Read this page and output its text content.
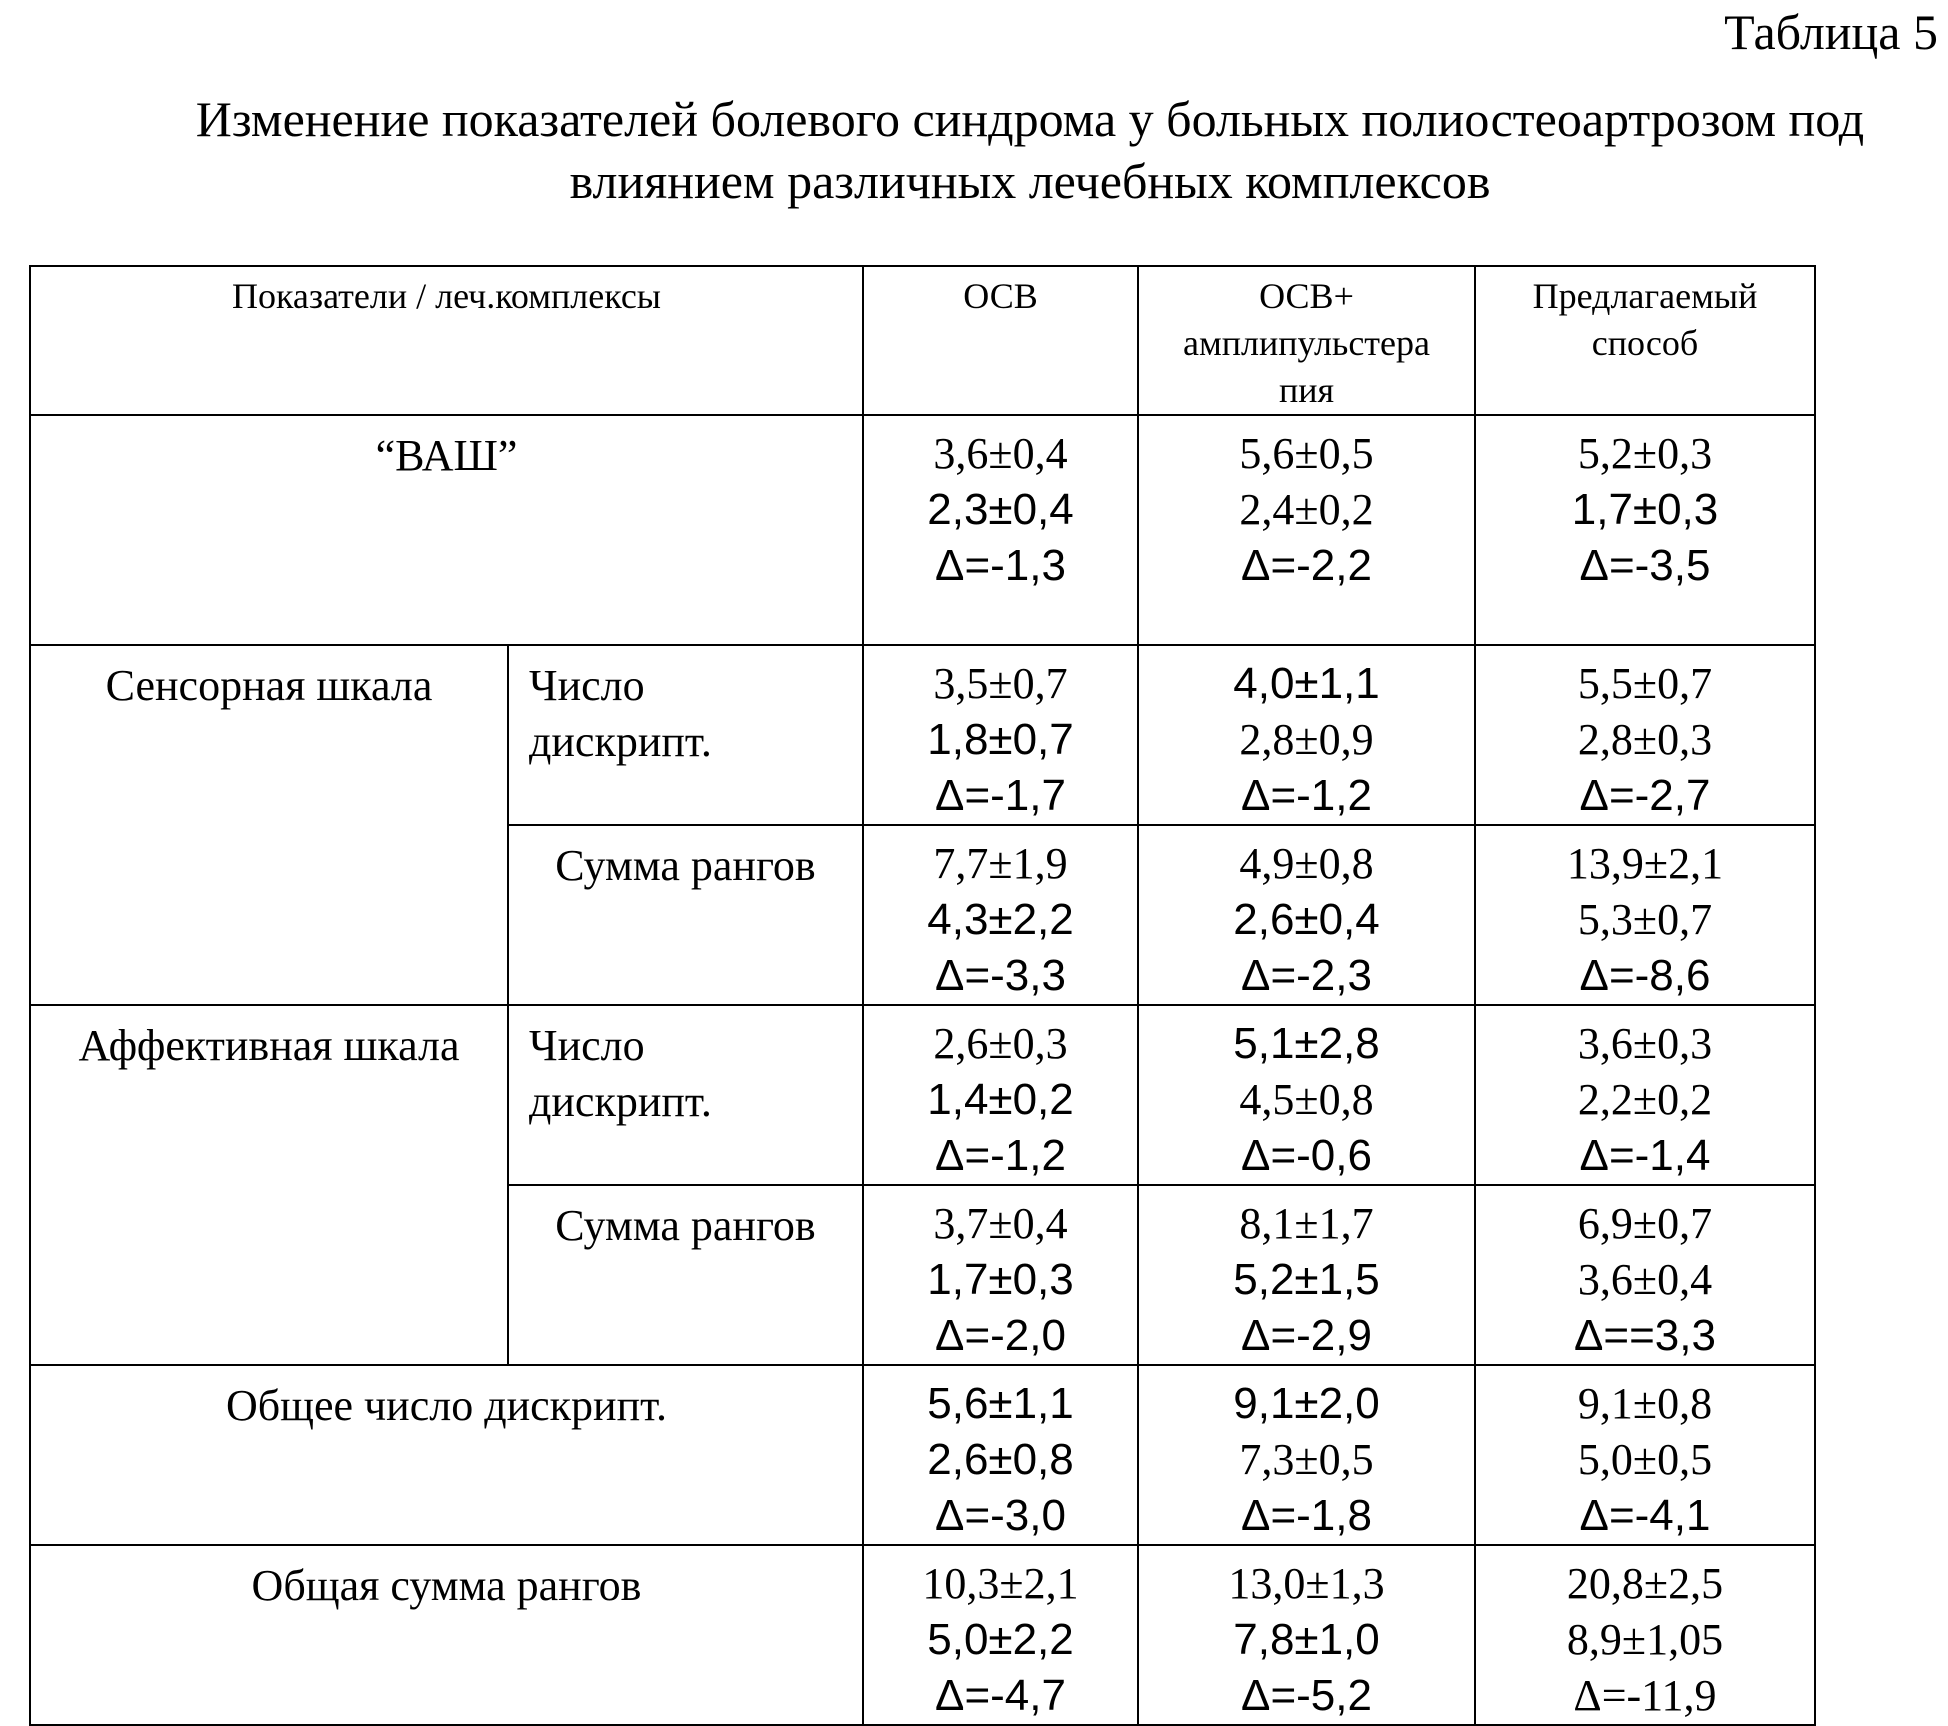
Таблица 5
Изменение показателей болевого синдрома у больных полиостеоартрозом под
влиянием различных лечебных комплексов
Показатели / леч.комплексы	ОСВ	ОСВ+
амплипульстера
пия

Предлагаемый
способ

“ВАШ”	3,6±0,4
2,3±0,4
Δ=-1,3

5,6±0,5
2,4±0,2
Δ=-2,2

5,2±0,3
1,7±0,3
Δ=-3,5

Сенсорная шкала	Число
дискрипт.

3,5±0,7
1,8±0,7
Δ=-1,7

4,0±1,1
2,8±0,9
Δ=-1,2

5,5±0,7
2,8±0,3
Δ=-2,7

Сумма рангов	7,7±1,9
4,3±2,2
Δ=-3,3

4,9±0,8
2,6±0,4
Δ=-2,3

13,9±2,1
5,3±0,7
Δ=-8,6

Аффективная шкала	Число
дискрипт.

2,6±0,3
1,4±0,2
Δ=-1,2

5,1±2,8
4,5±0,8
Δ=-0,6

3,6±0,3
2,2±0,2
Δ=-1,4

Сумма рангов	3,7±0,4
1,7±0,3
Δ=-2,0

8,1±1,7
5,2±1,5
Δ=-2,9

6,9±0,7
3,6±0,4
Δ==3,3

Общее число дискрипт.	5,6±1,1
2,6±0,8
Δ=-3,0

9,1±2,0
7,3±0,5
Δ=-1,8

9,1±0,8
5,0±0,5
Δ=-4,1

Общая сумма рангов	10,3±2,1
5,0±2,2
Δ=-4,7

13,0±1,3
7,8±1,0
Δ=-5,2

20,8±2,5
8,9±1,05
Δ=-11,9
